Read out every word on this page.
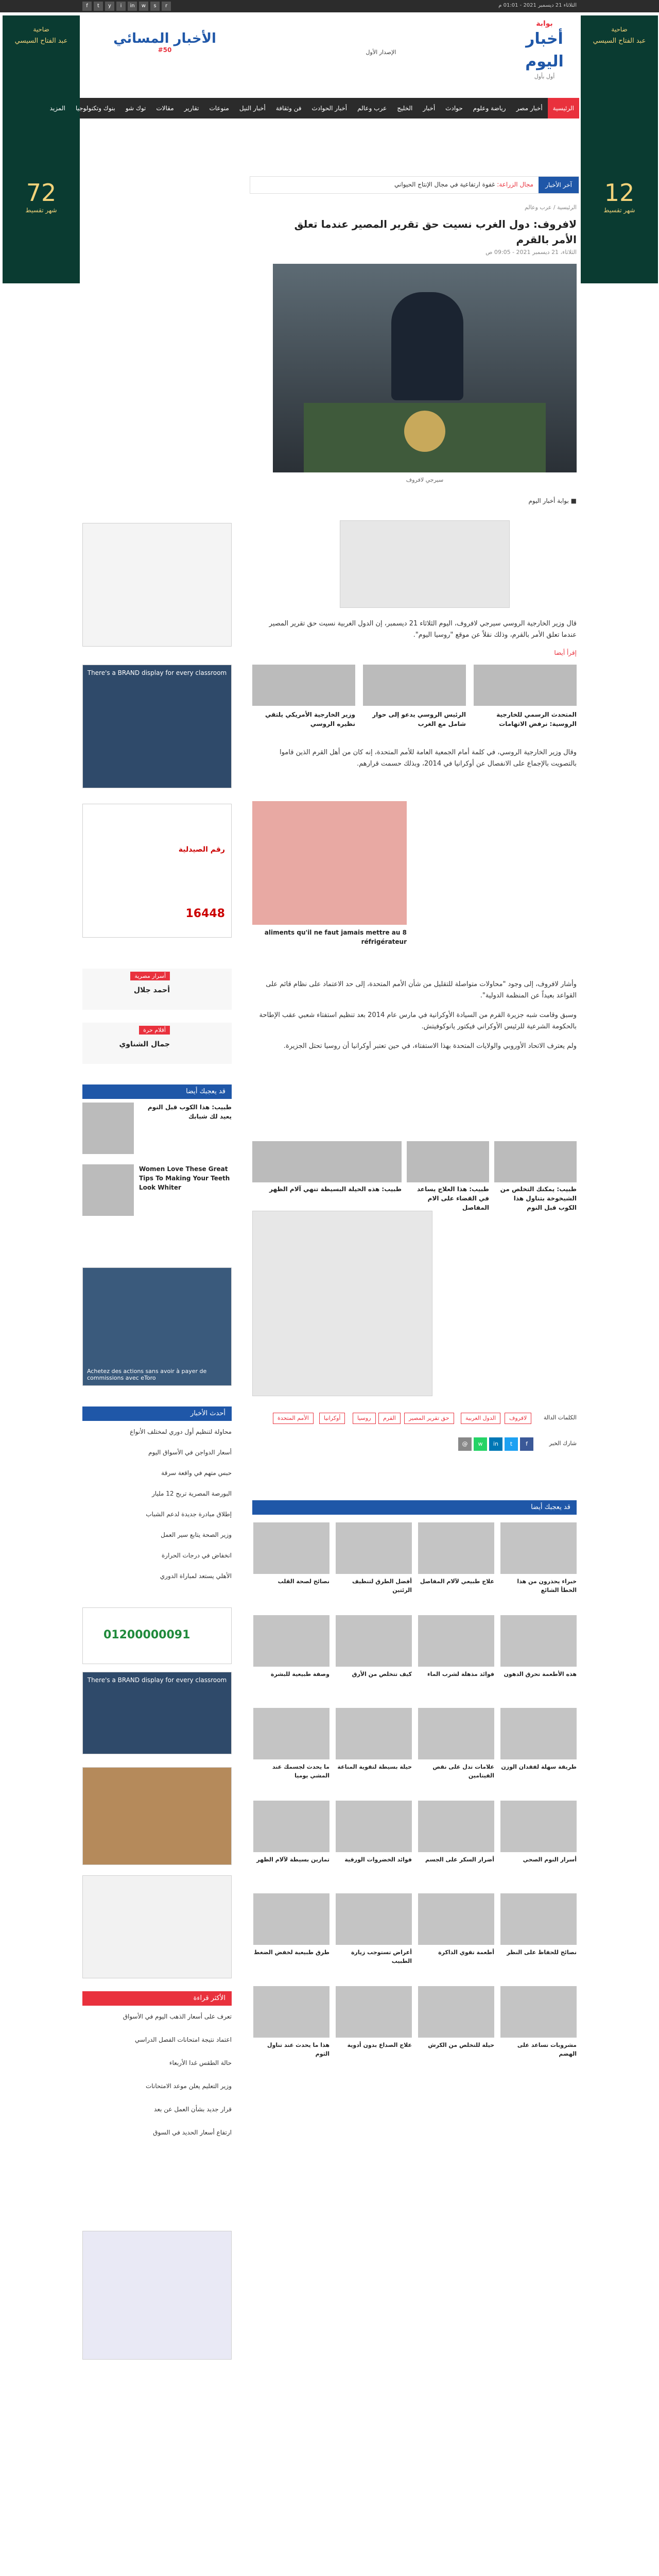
f	t	y	i	in	w	s	r	الثلاثاء 21 ديسمبر 2021 - 01:01 م
ضاحية
عبد الفتاح السيسي
72
شهر تقسيط
ضاحية
عبد الفتاح السيسي
12
شهر تقسيط
بوابة
أخبار اليوم
أول بأول
الإصدار الأول
الأخبار المسائي
#50
الرئيسية
أخبار مصر
رياضة وعلوم
حوادث
أخبار
الخليج
عرب وعالم
أخبار الحوادث
فن وثقافة
أخبار النيل
منوعات
تقارير
مقالات
توك شو
بنوك وتكنولوجيا
المزيد
آخر الأخبار
مجال الزراعة: غفوة ارتفاعية في مجال الإنتاج الحيواني
الرئيسية / عرب وعالم
لافروف: دول الغرب نسيت حق تقرير المصير عندما تعلق الأمر بالقرم
الثلاثاء، 21 ديسمبر 2021 - 09:05 ص
سيرجي لافروف
■ بوابة أخبار اليوم

قال وزير الخارجية الروسي سيرجي لافروف، اليوم الثلاثاء 21 ديسمبر، إن الدول الغربية نسيت حق تقرير المصير عندما تعلق الأمر بالقرم، وذلك نقلاً عن موقع "روسيا اليوم".

إقرأ أيضا
المتحدث الرسمي للخارجية الروسية: نرفض الاتهامات
الرئيس الروسي يدعو إلى حوار شامل مع الغرب
وزير الخارجية الأمريكي يلتقي نظيره الروسي

وقال وزير الخارجية الروسي، في كلمة أمام الجمعية العامة للأمم المتحدة، إنه كان من أهل القرم الذين قاموا بالتصويت بالإجماع على الانفصال عن أوكرانيا في 2014، وبذلك حسمت قرارهم.

8 aliments qu'il ne faut jamais mettre au réfrigérateur

وأشار لافروف، إلى وجود "محاولات متواصلة للتقليل من شأن الأمم المتحدة، إلى حد الاعتماد على نظام قائم على القواعد بعيداً عن المنظمة الدولية".

وسبق وقامت شبه جزيرة القرم من السيادة الأوكرانية في مارس عام 2014 بعد تنظيم استفتاء شعبي عقب الإطاحة بالحكومة الشرعية للرئيس الأوكراني فيكتور يانوكوفيتش.

ولم يعترف الاتحاد الأوروبي والولايات المتحدة بهذا الاستفتاء، في حين تعتبر أوكرانيا أن روسيا تحتل الجزيرة.

طبيب: يمكنك التخلص من الشيخوخة بتناول هذا الكوب قبل النوم
طبيب: هذا العلاج يساعد في القضاء على الام المفاصل
طبيب: هذه الحيلة البسيطة تنهي آلام الظهر
الكلمات الدالة
لافروف
الدول الغربية
حق تقرير المصير
القرم
روسيا
أوكرانيا
الأمم المتحدة
شارك الخبر
f
t
in
w
@
قد يعجبك أيضا
خبراء يحذرون من هذا الخطأ الشائع
علاج طبيعي لآلام المفاصل
أفضل الطرق لتنظيف الرئتين
نصائح لصحة القلب
هذه الأطعمة تحرق الدهون
فوائد مذهلة لشرب الماء
كيف تتخلص من الأرق
وصفة طبيعية للبشرة
طريقة سهلة لفقدان الوزن
علامات تدل على نقص الفيتامين
حيلة بسيطة لتقوية المناعة
ما يحدث لجسمك عند المشي يوميا
أسرار النوم الصحي
أضرار السكر على الجسم
فوائد الخضروات الورقية
تمارين بسيطة لآلام الظهر
نصائح للحفاظ على النظر
أطعمة تقوي الذاكرة
أعراض تستوجب زيارة الطبيب
طرق طبيعية لخفض الضغط
مشروبات تساعد على الهضم
حيلة للتخلص من الكرش
علاج الصداع بدون أدوية
هذا ما يحدث عند تناول الثوم
There's a BRAND display for every classroom
رقم الصيدلية
16448
أسرار مصرية
أحمد جلال
أقلام حرة
جمال الشناوي
قد يعجبك أيضا
طبيب: هذا الكوب قبل النوم يعيد لك شبابك
Women Love These Great Tips To Making Your Teeth Look Whiter
Achetez des actions sans avoir à payer de commissions avec eToro
أحدث الأخبار
محاولة لتنظيم أول دوري لمختلف الأنواع
أسعار الدواجن في الأسواق اليوم
حبس متهم في واقعة سرقة
البورصة المصرية تربح 12 مليار
إطلاق مبادرة جديدة لدعم الشباب
وزير الصحة يتابع سير العمل
انخفاض في درجات الحرارة
الأهلي يستعد لمباراة الدوري
01200000091
There's a BRAND display for every classroom
الأكثر قراءة
تعرف على أسعار الذهب اليوم في الأسواق
اعتماد نتيجة امتحانات الفصل الدراسي
حالة الطقس غدا الأربعاء
وزير التعليم يعلن موعد الامتحانات
قرار جديد بشأن العمل عن بعد
ارتفاع أسعار الحديد في السوق
